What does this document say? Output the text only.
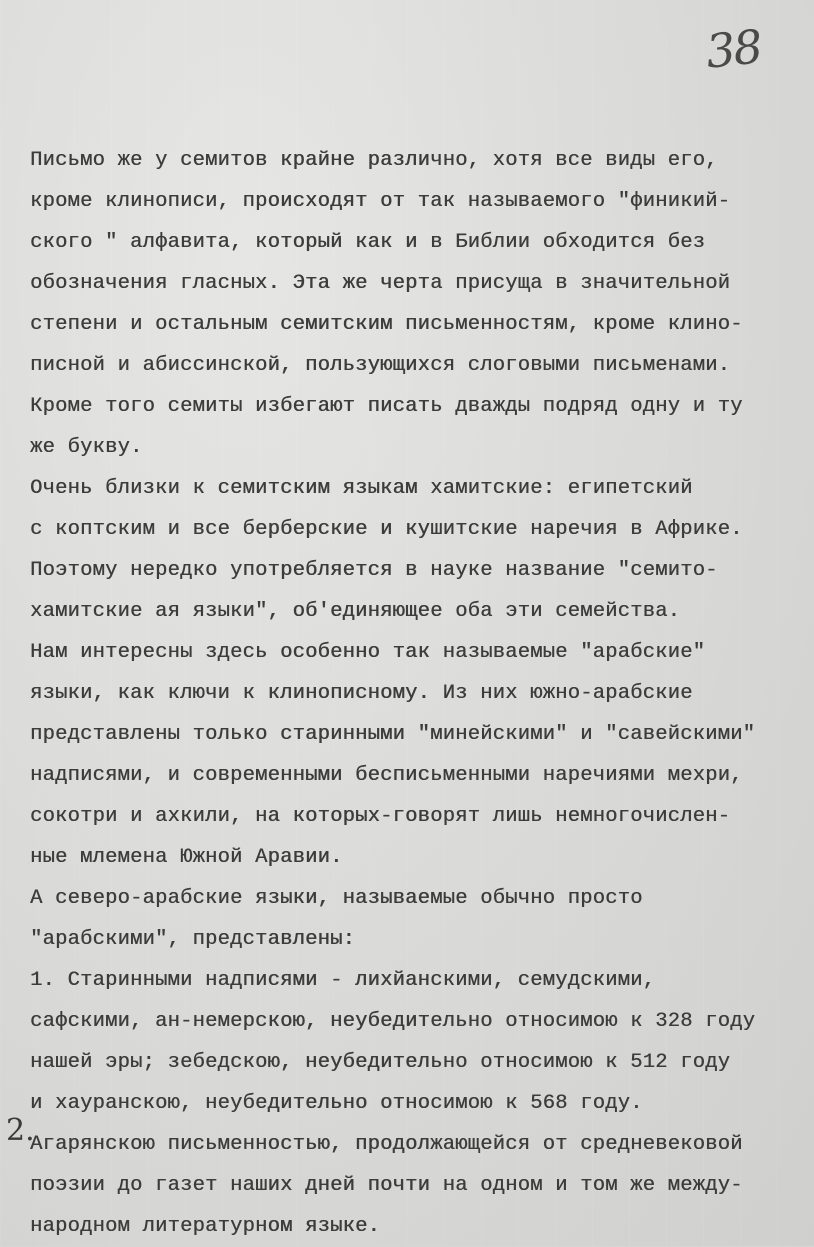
38
Письмо же у семитов крайне различно, хотя все виды его,
кроме клинописи, происходят от так называемого "финикий-
ского " алфавита, который как и в Библии обходится без
обозначения гласных. Эта же черта присуща в значительной
степени и остальным семитским письменностям, кроме клино-
писной и абиссинской, пользующихся слоговыми письменами.
Кроме того семиты избегают писать дважды подряд одну и ту
же букву.
Очень близки к семитским языкам хамитские: египетский
с коптским и все берберские и кушитские наречия в Африке.
Поэтому нередко употребляется в науке название "семито-
хамитские ая языки", об'единяющее оба эти семейства.
Нам интересны здесь особенно так называемые "арабские"
языки, как ключи к клинописному. Из них южно-арабские
представлены только старинными "минейскими" и "савейскими"
надписями, и современными бесписьменными наречиями мехри,
сокотри и ахкили, на которых-говорят лишь немногочислен-
ные млемена Южной Аравии.
А северо-арабские языки, называемые обычно просто
"арабскими", представлены:
1. Старинными надписями - лихйанскими, семудскими,
сафскими, ан-немерскою, неубедительно относимою к 328 году
нашей эры; зебедскою, неубедительно относимою к 512 году
и хауранскою, неубедительно относимою к 568 году.
Агарянскою письменностью, продолжающейся от средневековой
поэзии до газет наших дней почти на одном и том же между-
народном литературном языке.
2.
